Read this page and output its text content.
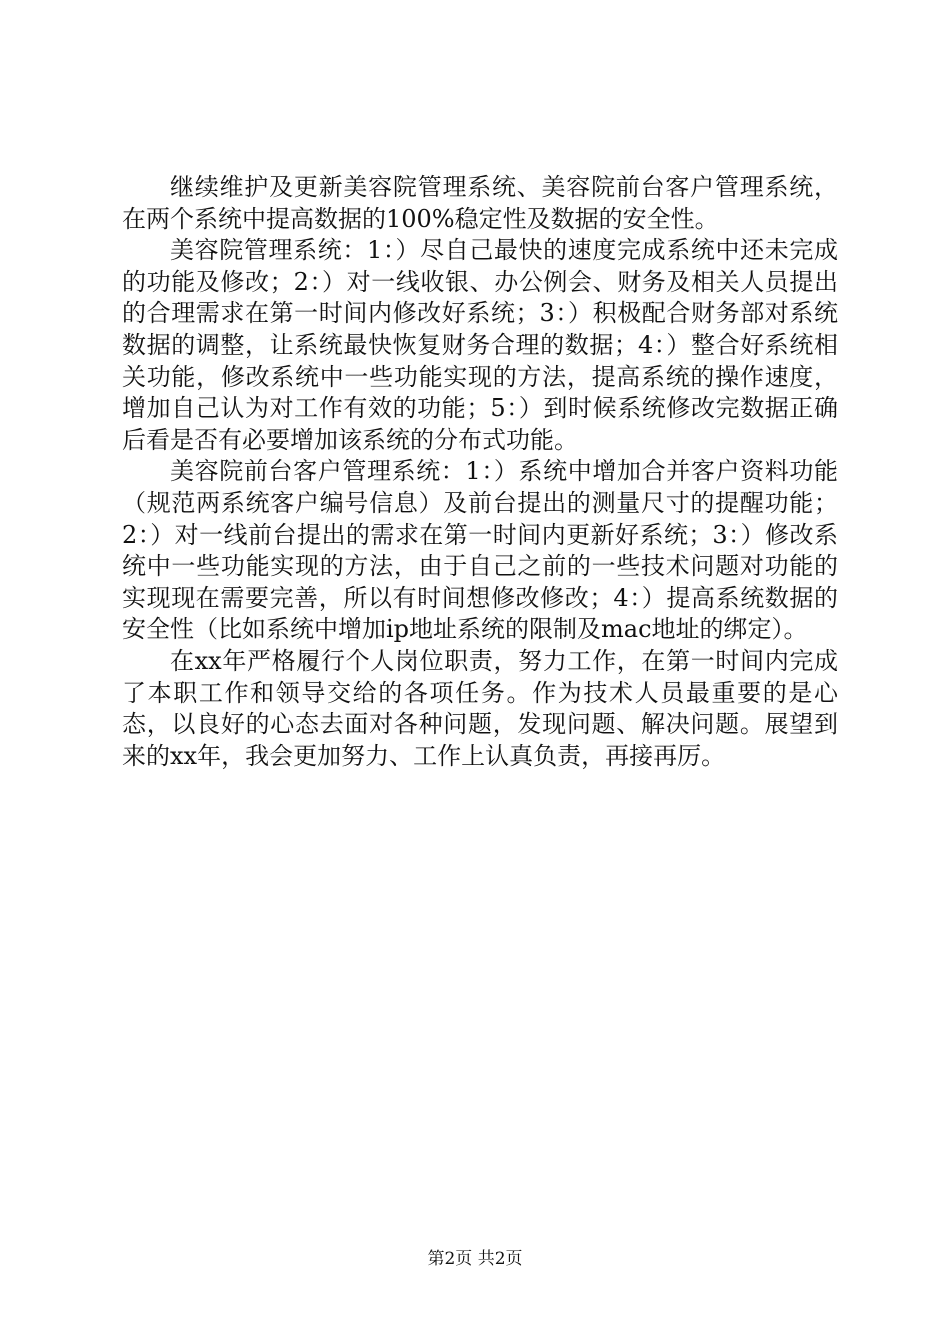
继续维护及更新美容院管理系统、美容院前台客户管理系统，在两个系统中提高数据的100%稳定性及数据的安全性。

美容院管理系统：1：）尽自己最快的速度完成系统中还未完成的功能及修改；2：）对一线收银、办公例会、财务及相关人员提出的合理需求在第一时间内修改好系统；3：）积极配合财务部对系统数据的调整，让系统最快恢复财务合理的数据；4：）整合好系统相关功能，修改系统中一些功能实现的方法，提高系统的操作速度，增加自己认为对工作有效的功能；5：）到时候系统修改完数据正确后看是否有必要增加该系统的分布式功能。

美容院前台客户管理系统：1：）系统中增加合并客户资料功能（规范两系统客户编号信息）及前台提出的测量尺寸的提醒功能；2：）对一线前台提出的需求在第一时间内更新好系统；3：）修改系统中一些功能实现的方法，由于自己之前的一些技术问题对功能的实现现在需要完善，所以有时间想修改修改；4：）提高系统数据的安全性（比如系统中增加ip地址系统的限制及mac地址的绑定）。

在xx年严格履行个人岗位职责，努力工作，在第一时间内完成了本职工作和领导交给的各项任务。作为技术人员最重要的是心态，以良好的心态去面对各种问题，发现问题、解决问题。展望到来的xx年，我会更加努力、工作上认真负责，再接再厉。

第2页 共2页
